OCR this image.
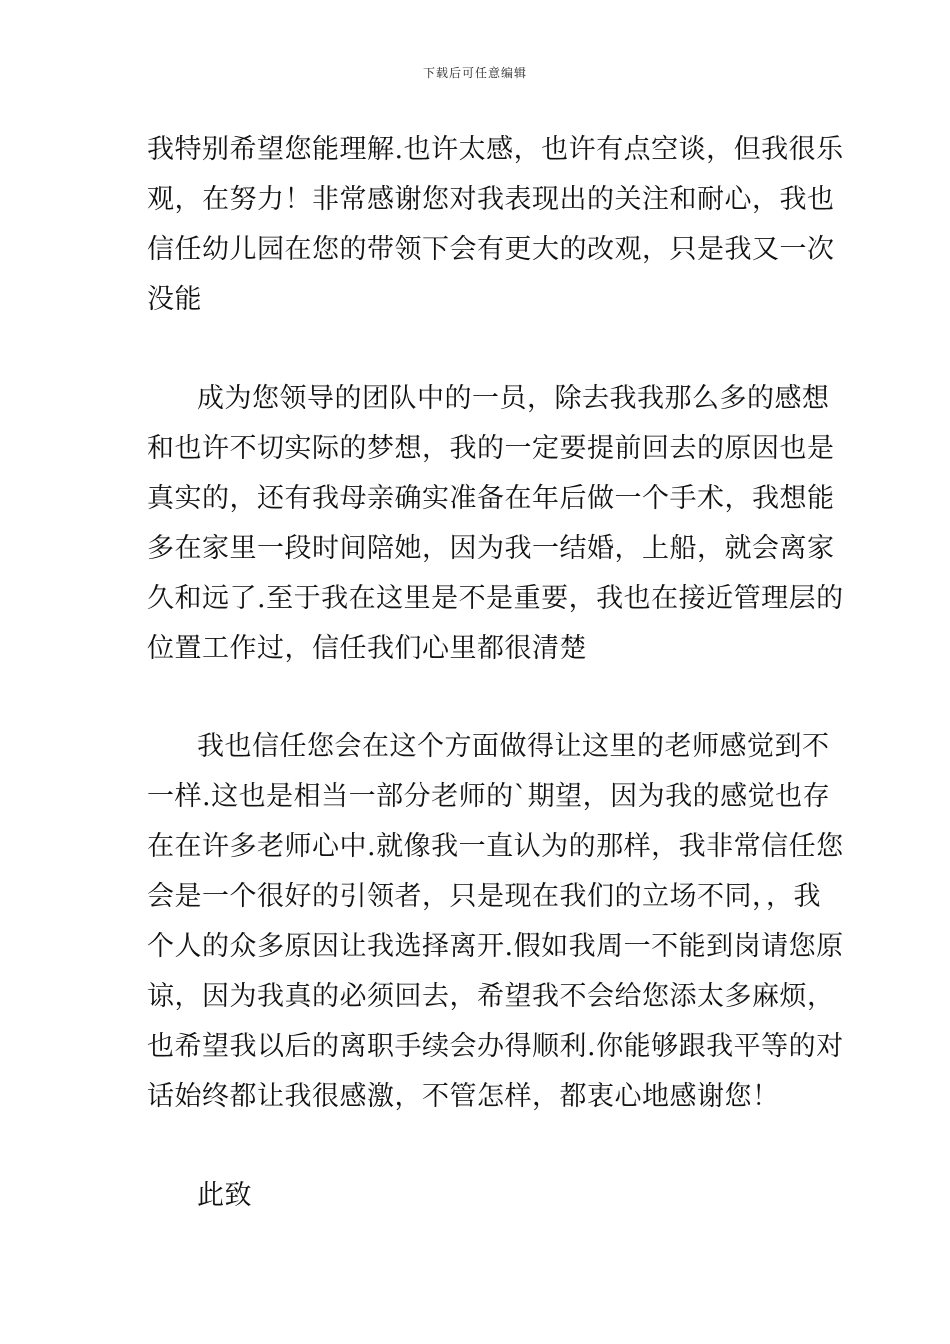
下载后可任意编辑
我特别希望您能理解.也许太感，也许有点空谈，但我很乐
观，在努力！非常感谢您对我表现出的关注和耐心，我也
信任幼儿园在您的带领下会有更大的改观，只是我又一次
没能
成为您领导的团队中的一员，除去我我那么多的感想
和也许不切实际的梦想，我的一定要提前回去的原因也是
真实的，还有我母亲确实准备在年后做一个手术，我想能
多在家里一段时间陪她，因为我一结婚，上船，就会离家
久和远了.至于我在这里是不是重要，我也在接近管理层的
位置工作过，信任我们心里都很清楚
我也信任您会在这个方面做得让这里的老师感觉到不
一样.这也是相当一部分老师的`期望，因为我的感觉也存
在在许多老师心中.就像我一直认为的那样，我非常信任您
会是一个很好的引领者，只是现在我们的立场不同，，我
个人的众多原因让我选择离开.假如我周一不能到岗请您原
谅，因为我真的必须回去，希望我不会给您添太多麻烦，
也希望我以后的离职手续会办得顺利.你能够跟我平等的对
话始终都让我很感激，不管怎样，都衷心地感谢您！
此致
